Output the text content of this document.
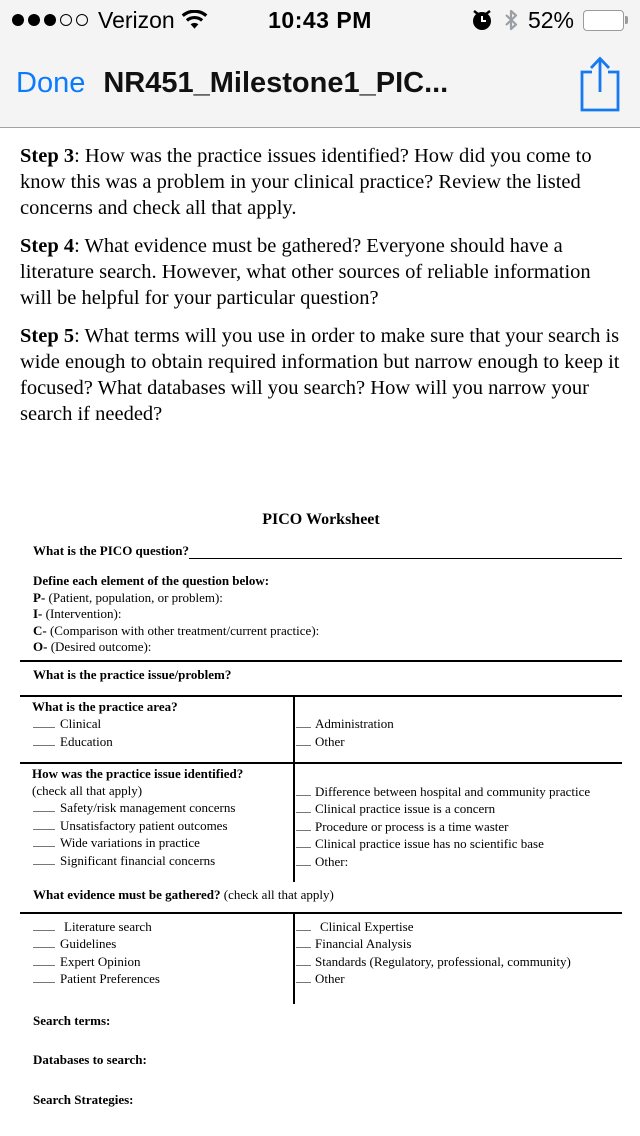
Verizon	10:43 PM	52%
Done NR451_Milestone1_PIC...

Step 3: How was the practice issues identified? How did you come to know this was a problem in your clinical practice? Review the listed concerns and check all that apply.

Step 4: What evidence must be gathered? Everyone should have a literature search. However, what other sources of reliable information will be helpful for your particular question?

Step 5: What terms will you use in order to make sure that your search is wide enough to obtain required information but narrow enough to keep it focused? What databases will you search? How will you narrow your search if needed?

PICO Worksheet
What is the PICO question?
Define each element of the question below:
P- (Patient, population, or problem):
I- (Intervention):
C- (Comparison with other treatment/current practice):
O- (Desired outcome):
What is the practice issue/problem?
What is the practice area?
Clinical
Education
Administration
Other
How was the practice issue identified?
(check all that apply)
Safety/risk management concerns
Unsatisfactory patient outcomes
Wide variations in practice
Significant financial concerns
Difference between hospital and community practice
Clinical practice issue is a concern
Procedure or process is a time waster
Clinical practice issue has no scientific base
Other:
What evidence must be gathered? (check all that apply)
Literature search
Guidelines
Expert Opinion
Patient Preferences
Clinical Expertise
Financial Analysis
Standards (Regulatory, professional, community)
Other
Search terms:
Databases to search:
Search Strategies:
